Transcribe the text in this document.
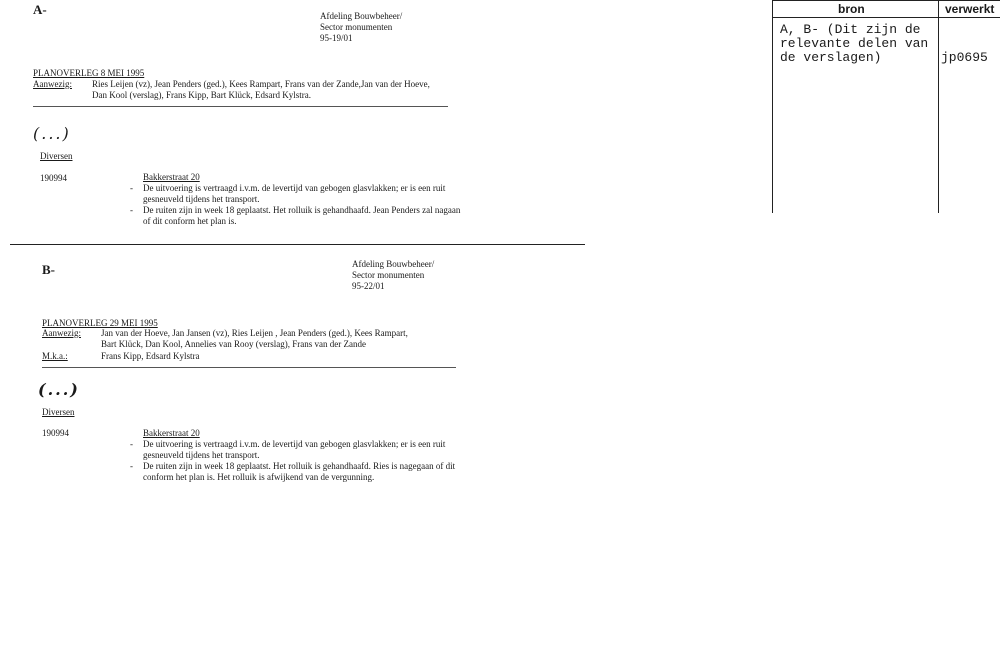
A-	Afdeling Bouwbeheer/
Sector monumenten
95-19/01
PLANOVERLEG 8 MEI 1995
Aanwezig: Ries Leijen (vz), Jean Penders (ged.), Kees Rampart, Frans van der Zande,Jan van der Hoeve,
Dan Kool (verslag), Frans Kipp, Bart Klück, Edsard Kylstra.
(...)
Diversen
190994	Bakkerstraat 20
- De uitvoering is vertraagd i.v.m. de levertijd van gebogen glasvlakken; er is een ruit gesneuveld tijdens het transport.
- De ruiten zijn in week 18 geplaatst. Het rolluik is gehandhaafd. Jean Penders zal nagaan of dit conform het plan is.
B-	Afdeling Bouwbeheer/
Sector monumenten
95-22/01
PLANOVERLEG 29 MEI 1995
Aanwezig: Jan van der Hoeve, Jan Jansen (vz), Ries Leijen , Jean Penders (ged.), Kees Rampart,
Bart Klück, Dan Kool, Annelies van Rooy (verslag), Frans van der Zande
M.k.a.:	Frans Kipp, Edsard Kylstra
(...)
Diversen
190994	Bakkerstraat 20
- De uitvoering is vertraagd i.v.m. de levertijd van gebogen glasvlakken; er is een ruit gesneuveld tijdens het transport.
- De ruiten zijn in week 18 geplaatst. Het rolluik is gehandhaafd. Ries is nagegaan of dit conform het plan is. Het rolluik is afwijkend van de vergunning.
bron	verwerkt
A, B- (Dit zijn de relevante delen van de verslagen)	jp0695
